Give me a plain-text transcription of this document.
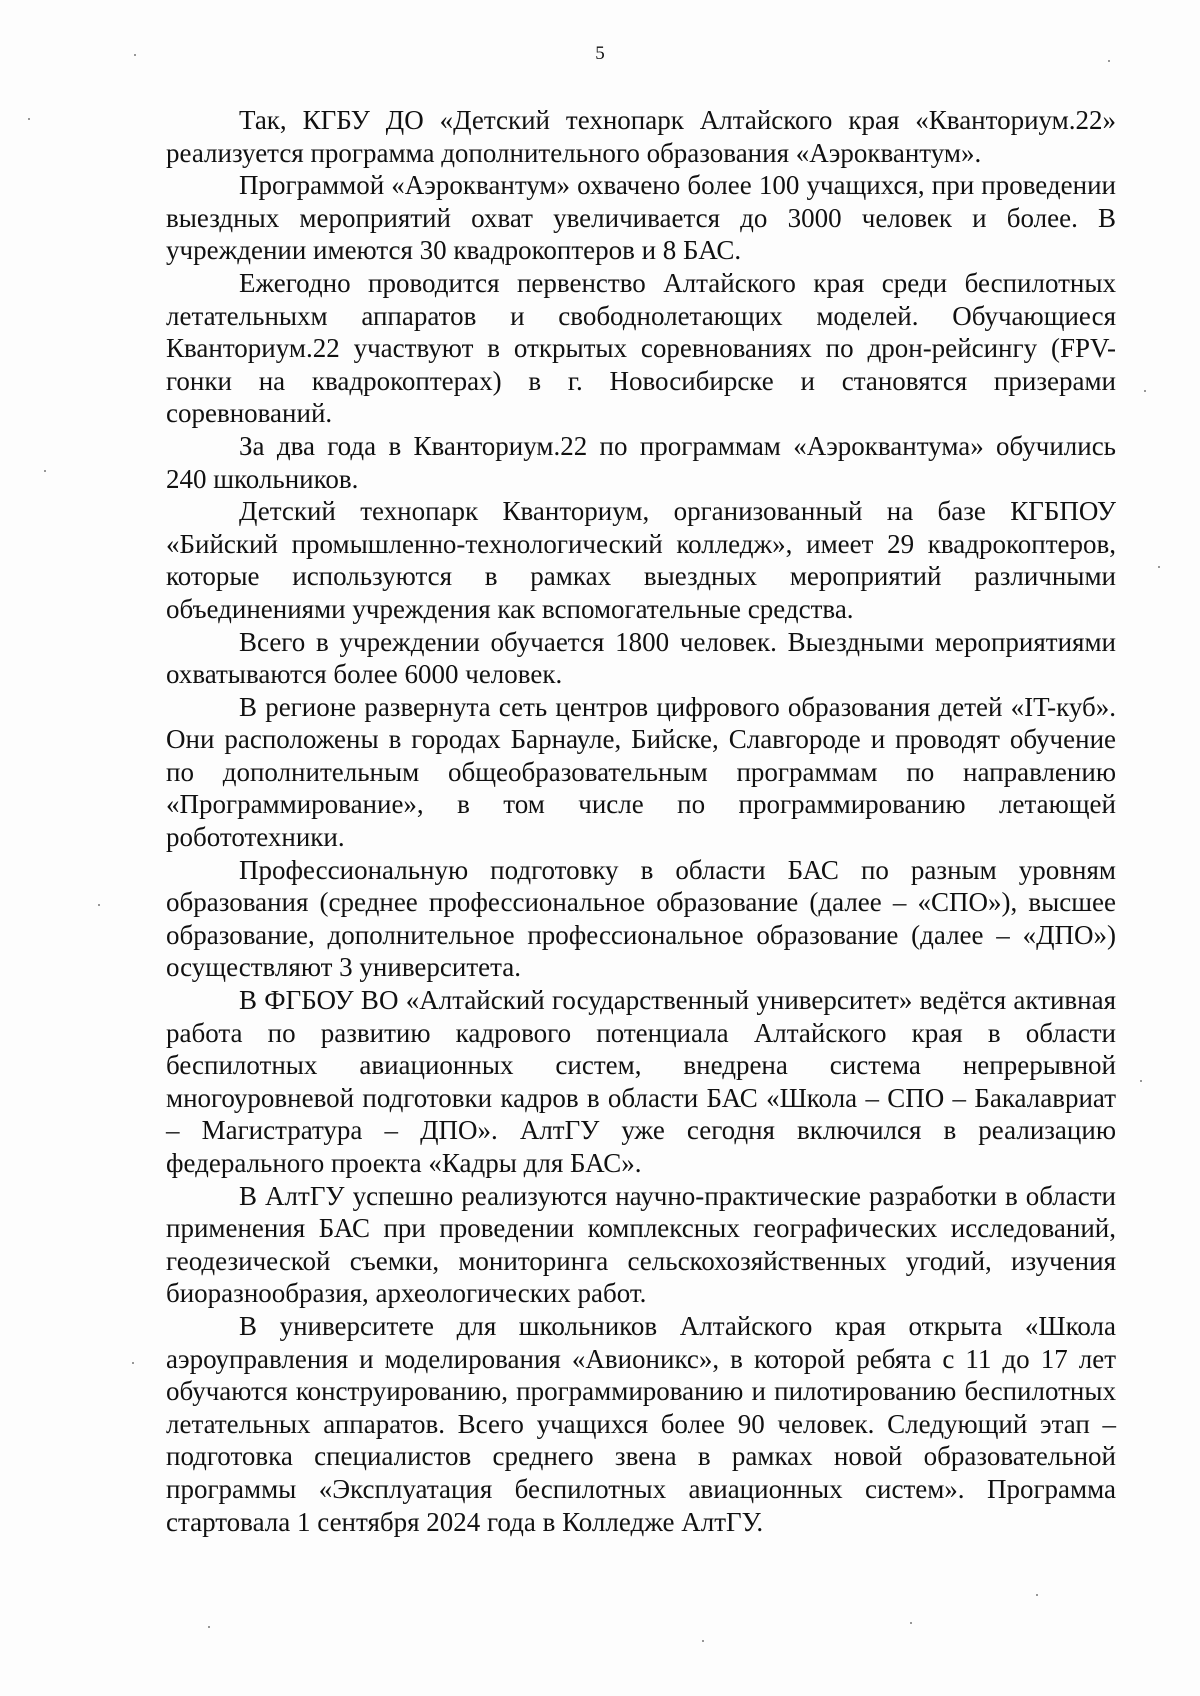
5

Так, КГБУ ДО «Детский технопарк Алтайского края «Кванториум.22» реализуется программа дополнительного образования «Аэроквантум».

Программой «Аэроквантум» охвачено более 100 учащихся, при проведении выездных мероприятий охват увеличивается до 3000 человек и более. В учреждении имеются 30 квадрокоптеров и 8 БАС.

Ежегодно проводится первенство Алтайского края среди беспилотных летательныхм аппаратов и свободнолетающих моделей. Обучающиеся Кванториум.22 участвуют в открытых соревнованиях по дрон-рейсингу (FPV-гонки на квадрокоптерах) в г. Новосибирске и становятся призерами соревнований.

За два года в Кванториум.22 по программам «Аэроквантума» обучились 240 школьников.

Детский технопарк Кванториум, организованный на базе КГБПОУ «Бийский промышленно-технологический колледж», имеет 29 квадрокоптеров, которые используются в рамках выездных мероприятий различными объединениями учреждения как вспомогательные средства.

Всего в учреждении обучается 1800 человек. Выездными мероприятиями охватываются более 6000 человек.

В регионе развернута сеть центров цифрового образования детей «IT-куб». Они расположены в городах Барнауле, Бийске, Славгороде и проводят обучение по дополнительным общеобразовательным программам по направлению «Программирование», в том числе по программированию летающей робототехники.

Профессиональную подготовку в области БАС по разным уровням образования (среднее профессиональное образование (далее – «СПО»), высшее образование, дополнительное профессиональное образование (далее – «ДПО») осуществляют 3 университета.

В ФГБОУ ВО «Алтайский государственный университет» ведётся активная работа по развитию кадрового потенциала Алтайского края в области беспилотных авиационных систем, внедрена система непрерывной многоуровневой подготовки кадров в области БАС «Школа – СПО – Бакалавриат – Магистратура – ДПО». АлтГУ уже сегодня включился в реализацию федерального проекта «Кадры для БАС».

В АлтГУ успешно реализуются научно-практические разработки в области применения БАС при проведении комплексных географических исследований, геодезической съемки, мониторинга сельскохозяйственных угодий, изучения биоразнообразия, археологических работ.

В университете для школьников Алтайского края открыта «Школа аэроуправления и моделирования «Авионикс», в которой ребята с 11 до 17 лет обучаются конструированию, программированию и пилотированию беспилотных летательных аппаратов. Всего учащихся более 90 человек. Следующий этап – подготовка специалистов среднего звена в рамках новой образовательной программы «Эксплуатация беспилотных авиационных систем». Программа стартовала 1 сентября 2024 года в Колледже АлтГУ.
